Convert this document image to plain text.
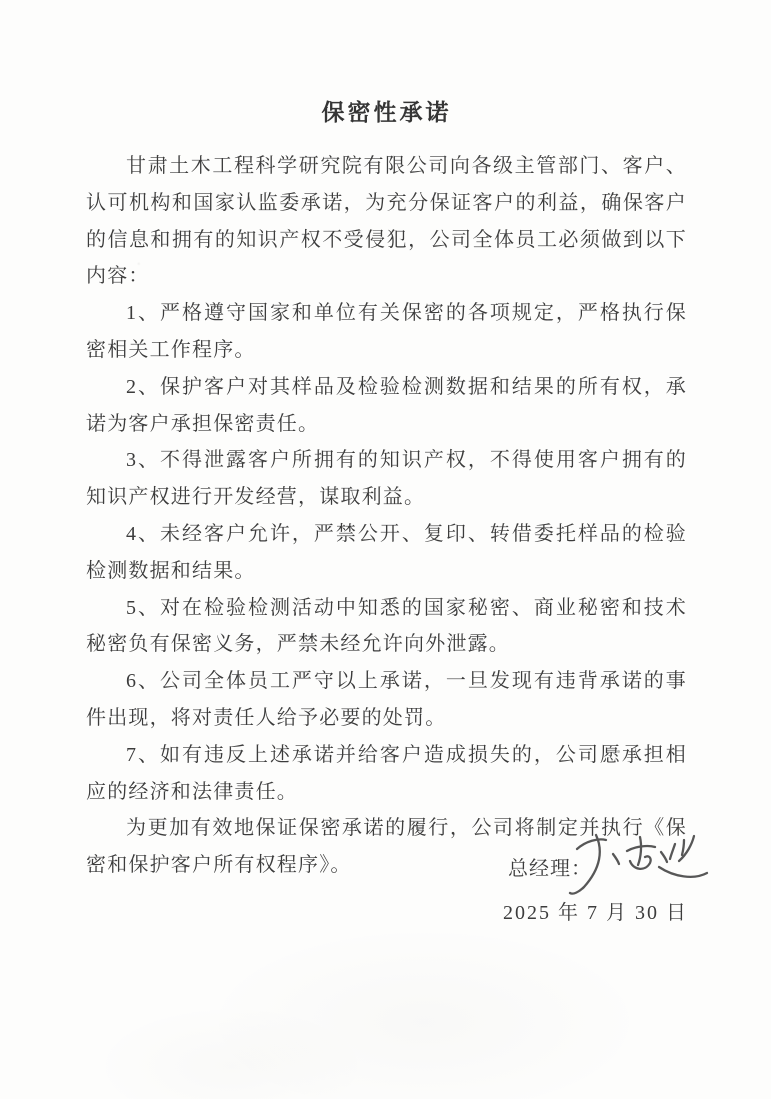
保密性承诺

甘肃土木工程科学研究院有限公司向各级主管部门、客户、认可机构和国家认监委承诺，为充分保证客户的利益，确保客户的信息和拥有的知识产权不受侵犯，公司全体员工必须做到以下内容：

1、严格遵守国家和单位有关保密的各项规定，严格执行保密相关工作程序。

2、保护客户对其样品及检验检测数据和结果的所有权，承诺为客户承担保密责任。

3、不得泄露客户所拥有的知识产权，不得使用客户拥有的知识产权进行开发经营，谋取利益。

4、未经客户允许，严禁公开、复印、转借委托样品的检验检测数据和结果。

5、对在检验检测活动中知悉的国家秘密、商业秘密和技术秘密负有保密义务，严禁未经允许向外泄露。

6、公司全体员工严守以上承诺，一旦发现有违背承诺的事件出现，将对责任人给予必要的处罚。

7、如有违反上述承诺并给客户造成损失的，公司愿承担相应的经济和法律责任。

为更加有效地保证保密承诺的履行，公司将制定并执行《保密和保护客户所有权程序》。	总经理：
2025 年 7 月 30 日
